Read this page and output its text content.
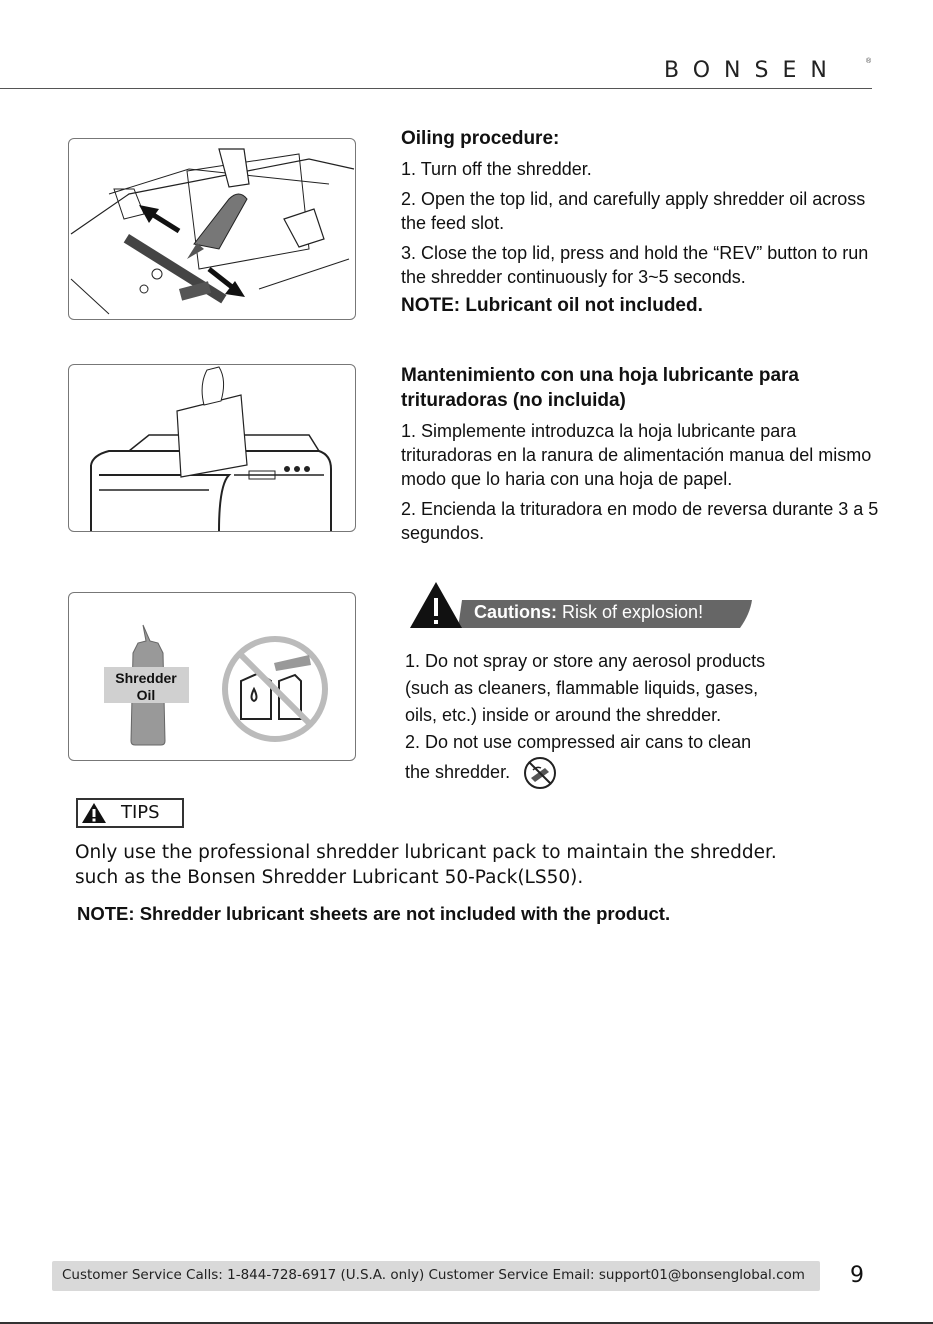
BONSEN	®

Oiling procedure:

1. Turn off the shredder.

2. Open the top lid, and carefully apply shredder oil across the feed slot.

3. Close the top lid, press and hold the “REV” button to run the shredder continuously for 3~5 seconds.

NOTE: Lubricant oil not included.

Mantenimiento con una hoja lubricante para trituradoras (no incluida)

1. Simplemente introduzca la hoja lubricante para trituradoras en la ranura de alimentación manua del mismo modo que lo haria con una hoja de papel.

2. Encienda la trituradora en modo de reversa durante 3 a 5 segundos.

Shredder
Oil
Cautions: Risk of explosion!

1. Do not spray or store any aerosol products

(such as cleaners, flammable liquids, gases,

oils, etc.) inside or around the shredder.

2. Do not use compressed air cans to clean

the shredder.

TIPS
Only use the professional shredder lubricant pack to maintain the shredder.
such as the Bonsen Shredder Lubricant 50-Pack(LS50).
NOTE: Shredder lubricant sheets are not included with the product.
Customer Service Calls: 1-844-728-6917 (U.S.A. only) Customer Service Email: support01@bonsenglobal.com 9
